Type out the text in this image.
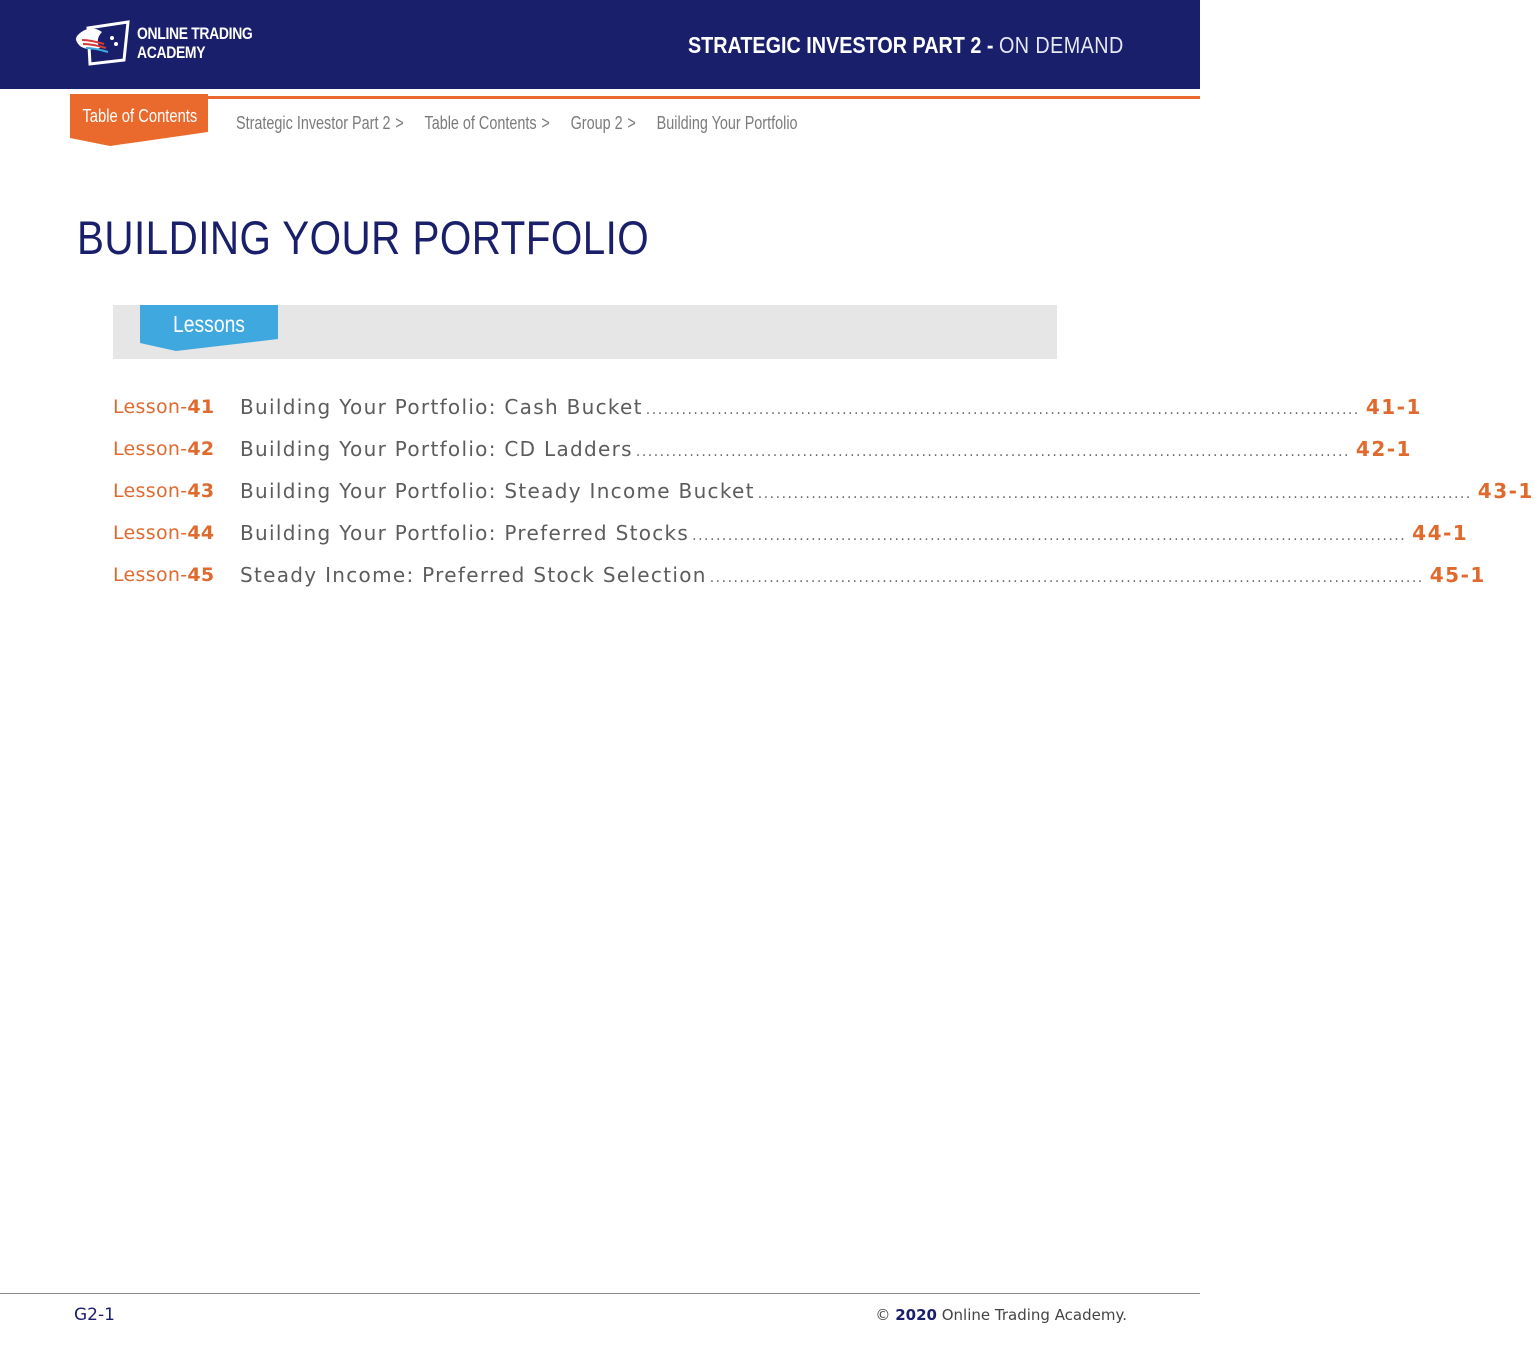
ONLINE TRADING
ACADEMY	STRATEGIC INVESTOR PART 2 - ON DEMAND
Table of Contents Strategic Investor Part 2 > Table of Contents > Group 2 > Building Your Portfolio
BUILDING YOUR PORTFOLIO
Lessons
Lesson-41	Building Your Portfolio: Cash Bucket ........................................................................................................................ 41-1
Lesson-42	Building Your Portfolio: CD Ladders ........................................................................................................................ 42-1
Lesson-43	Building Your Portfolio: Steady Income Bucket ........................................................................................................................ 43-1
Lesson-44	Building Your Portfolio: Preferred Stocks ........................................................................................................................ 44-1
Lesson-45	Steady Income: Preferred Stock Selection ........................................................................................................................ 45-1
G2-1	© 2020 Online Trading Academy.
